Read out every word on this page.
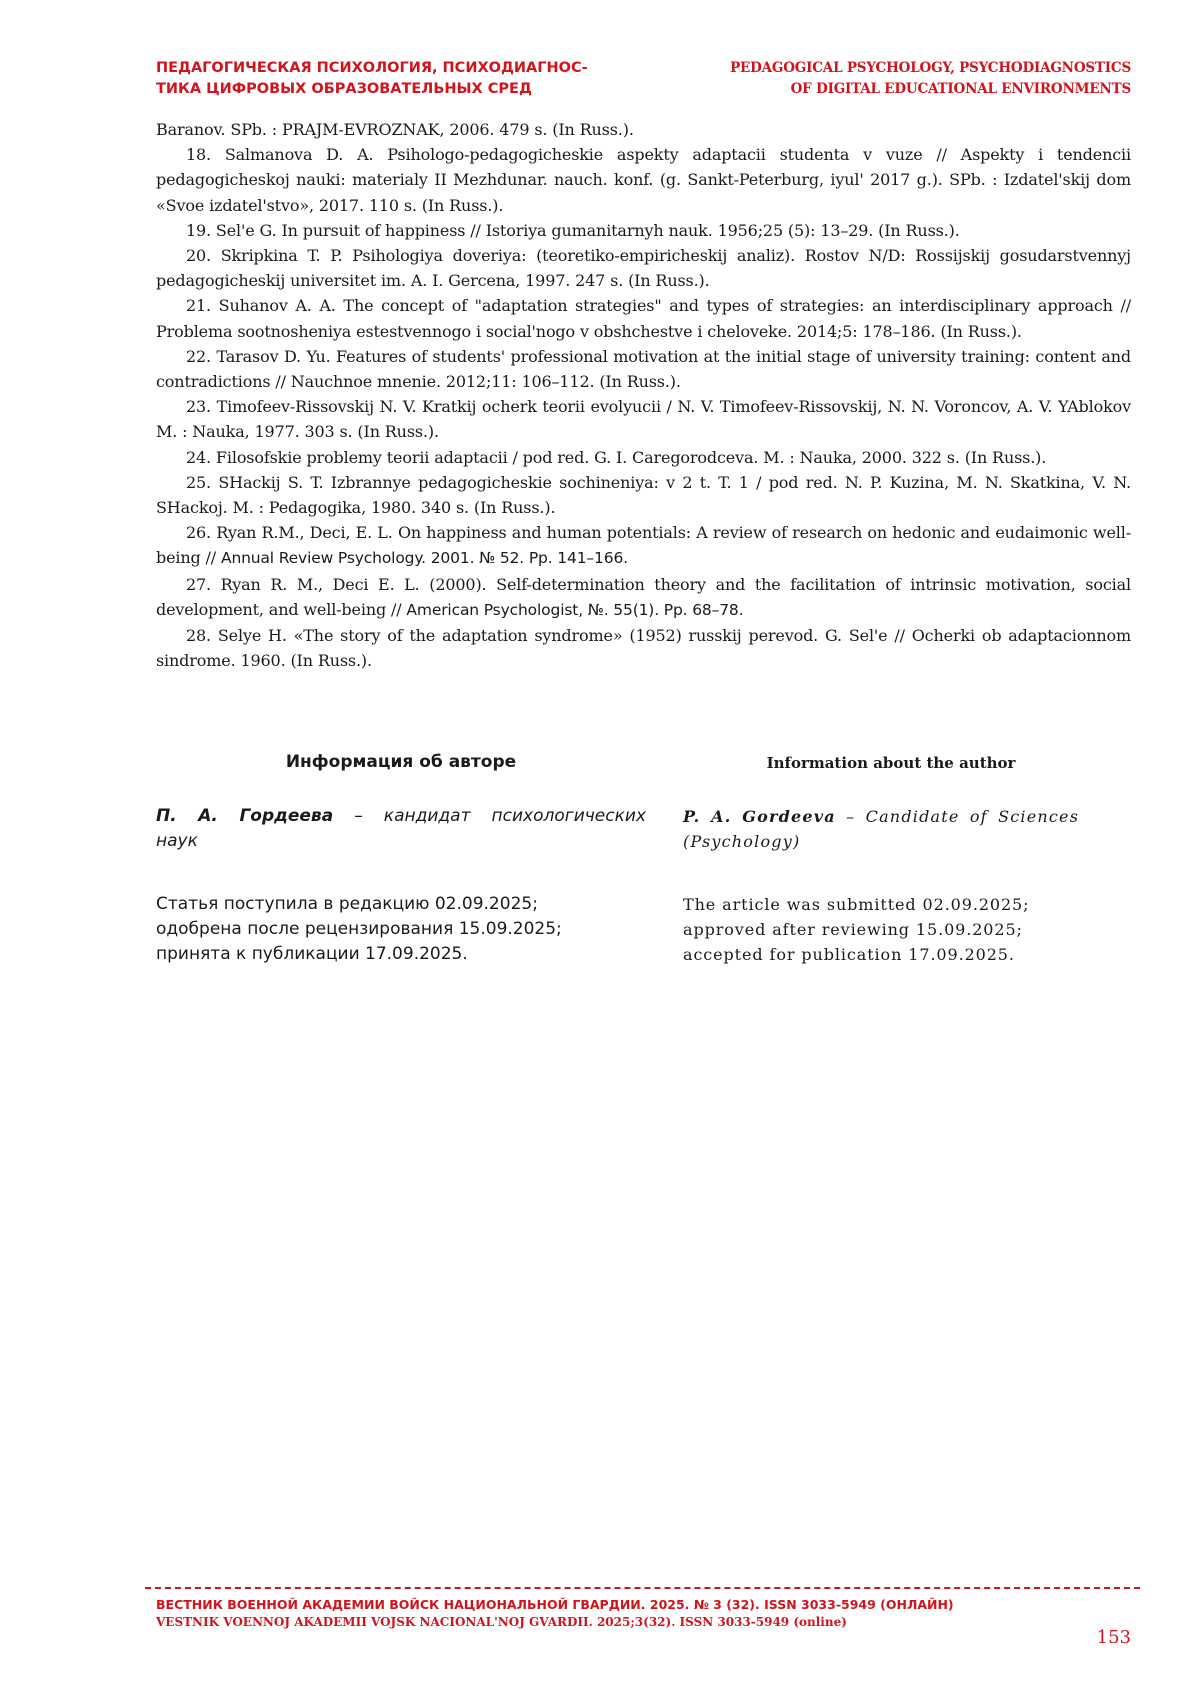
ПЕДАГОГИЧЕСКАЯ ПСИХОЛОГИЯ, ПСИХОДИАГНОС-
ТИКА ЦИФРОВЫХ ОБРАЗОВАТЕЛЬНЫХ СРЕД
PEDAGOGICAL PSYCHOLOGY, PSYCHODIAGNOSTICS
OF DIGITAL EDUCATIONAL ENVIRONMENTS

Baranov. SPb. : PRAJM-EVROZNAK, 2006. 479 s. (In Russ.).

18. Salmanova D. A. Psihologo-pedagogicheskie aspekty adaptacii studenta v vuze // Aspekty i tendencii pedagogicheskoj nauki: materialy II Mezhdunar. nauch. konf. (g. Sankt-Peterburg, iyul' 2017 g.). SPb. : Izdatel'skij dom «Svoe izdatel'stvo», 2017. 110 s. (In Russ.).

19. Sel'e G. In pursuit of happiness // Istoriya gumanitarnyh nauk. 1956;25 (5): 13–29. (In Russ.).

20. Skripkina T. P. Psihologiya doveriya: (teoretiko-empiricheskij analiz). Rostov N/D: Rossijskij gosudarstvennyj pedagogicheskij universitet im. A. I. Gercena, 1997. 247 s. (In Russ.).

21. Suhanov A. A. The concept of "adaptation strategies" and types of strategies: an interdisciplinary approach // Problema sootnosheniya estestvennogo i social'nogo v obshchestve i cheloveke. 2014;5: 178–186. (In Russ.).

22. Tarasov D. Yu. Features of students' professional motivation at the initial stage of university training: content and contradictions // Nauchnoe mnenie. 2012;11: 106–112. (In Russ.).

23. Timofeev-Rissovskij N. V. Kratkij ocherk teorii evolyucii / N. V. Timofeev-Rissovskij, N. N. Voroncov, A. V. YAblokov M. : Nauka, 1977. 303 s. (In Russ.).

24. Filosofskie problemy teorii adaptacii / pod red. G. I. Caregorodceva. M. : Nauka, 2000. 322 s. (In Russ.).

25. SHackij S. T. Izbrannye pedagogicheskie sochineniya: v 2 t. T. 1 / pod red. N. P. Kuzina, M. N. Skatkina, V. N. SHackoj. M. : Pedagogika, 1980. 340 s. (In Russ.).

26. Ryan R.M., Deci, E. L. On happiness and human potentials: A review of research on hedonic and eudaimonic well-being // Annual Review Psychology. 2001. № 52. Pp. 141–166.

27. Ryan R. M., Deci E. L. (2000). Self-determination theory and the facilitation of intrinsic motivation, social development, and well-being // American Psychologist, №. 55(1). Pp. 68–78.

28. Selye H. «The story of the adaptation syndrome» (1952) russkij perevod. G. Sel'e // Ocherki ob adaptacionnom sindrome. 1960. (In Russ.).

Информация об авторе	Information about the author

П. А. Гордеева – кандидат психологических наук

Статья поступила в редакцию 02.09.2025;
одобрена после рецензирования 15.09.2025;
принята к публикации 17.09.2025.

P. A. Gordeeva – Candidate of Sciences (Psychology)

The article was submitted 02.09.2025;
approved after reviewing 15.09.2025;
accepted for publication 17.09.2025.
ВЕСТНИК ВОЕННОЙ АКАДЕМИИ ВОЙСК НАЦИОНАЛЬНОЙ ГВАРДИИ. 2025. № 3 (32). ISSN 3033-5949 (ОНЛАЙН)
VESTNIK VOENNOJ AKADEMII VOJSK NACIONAL'NOJ GVARDII. 2025;3(32). ISSN 3033-5949 (online)
153
